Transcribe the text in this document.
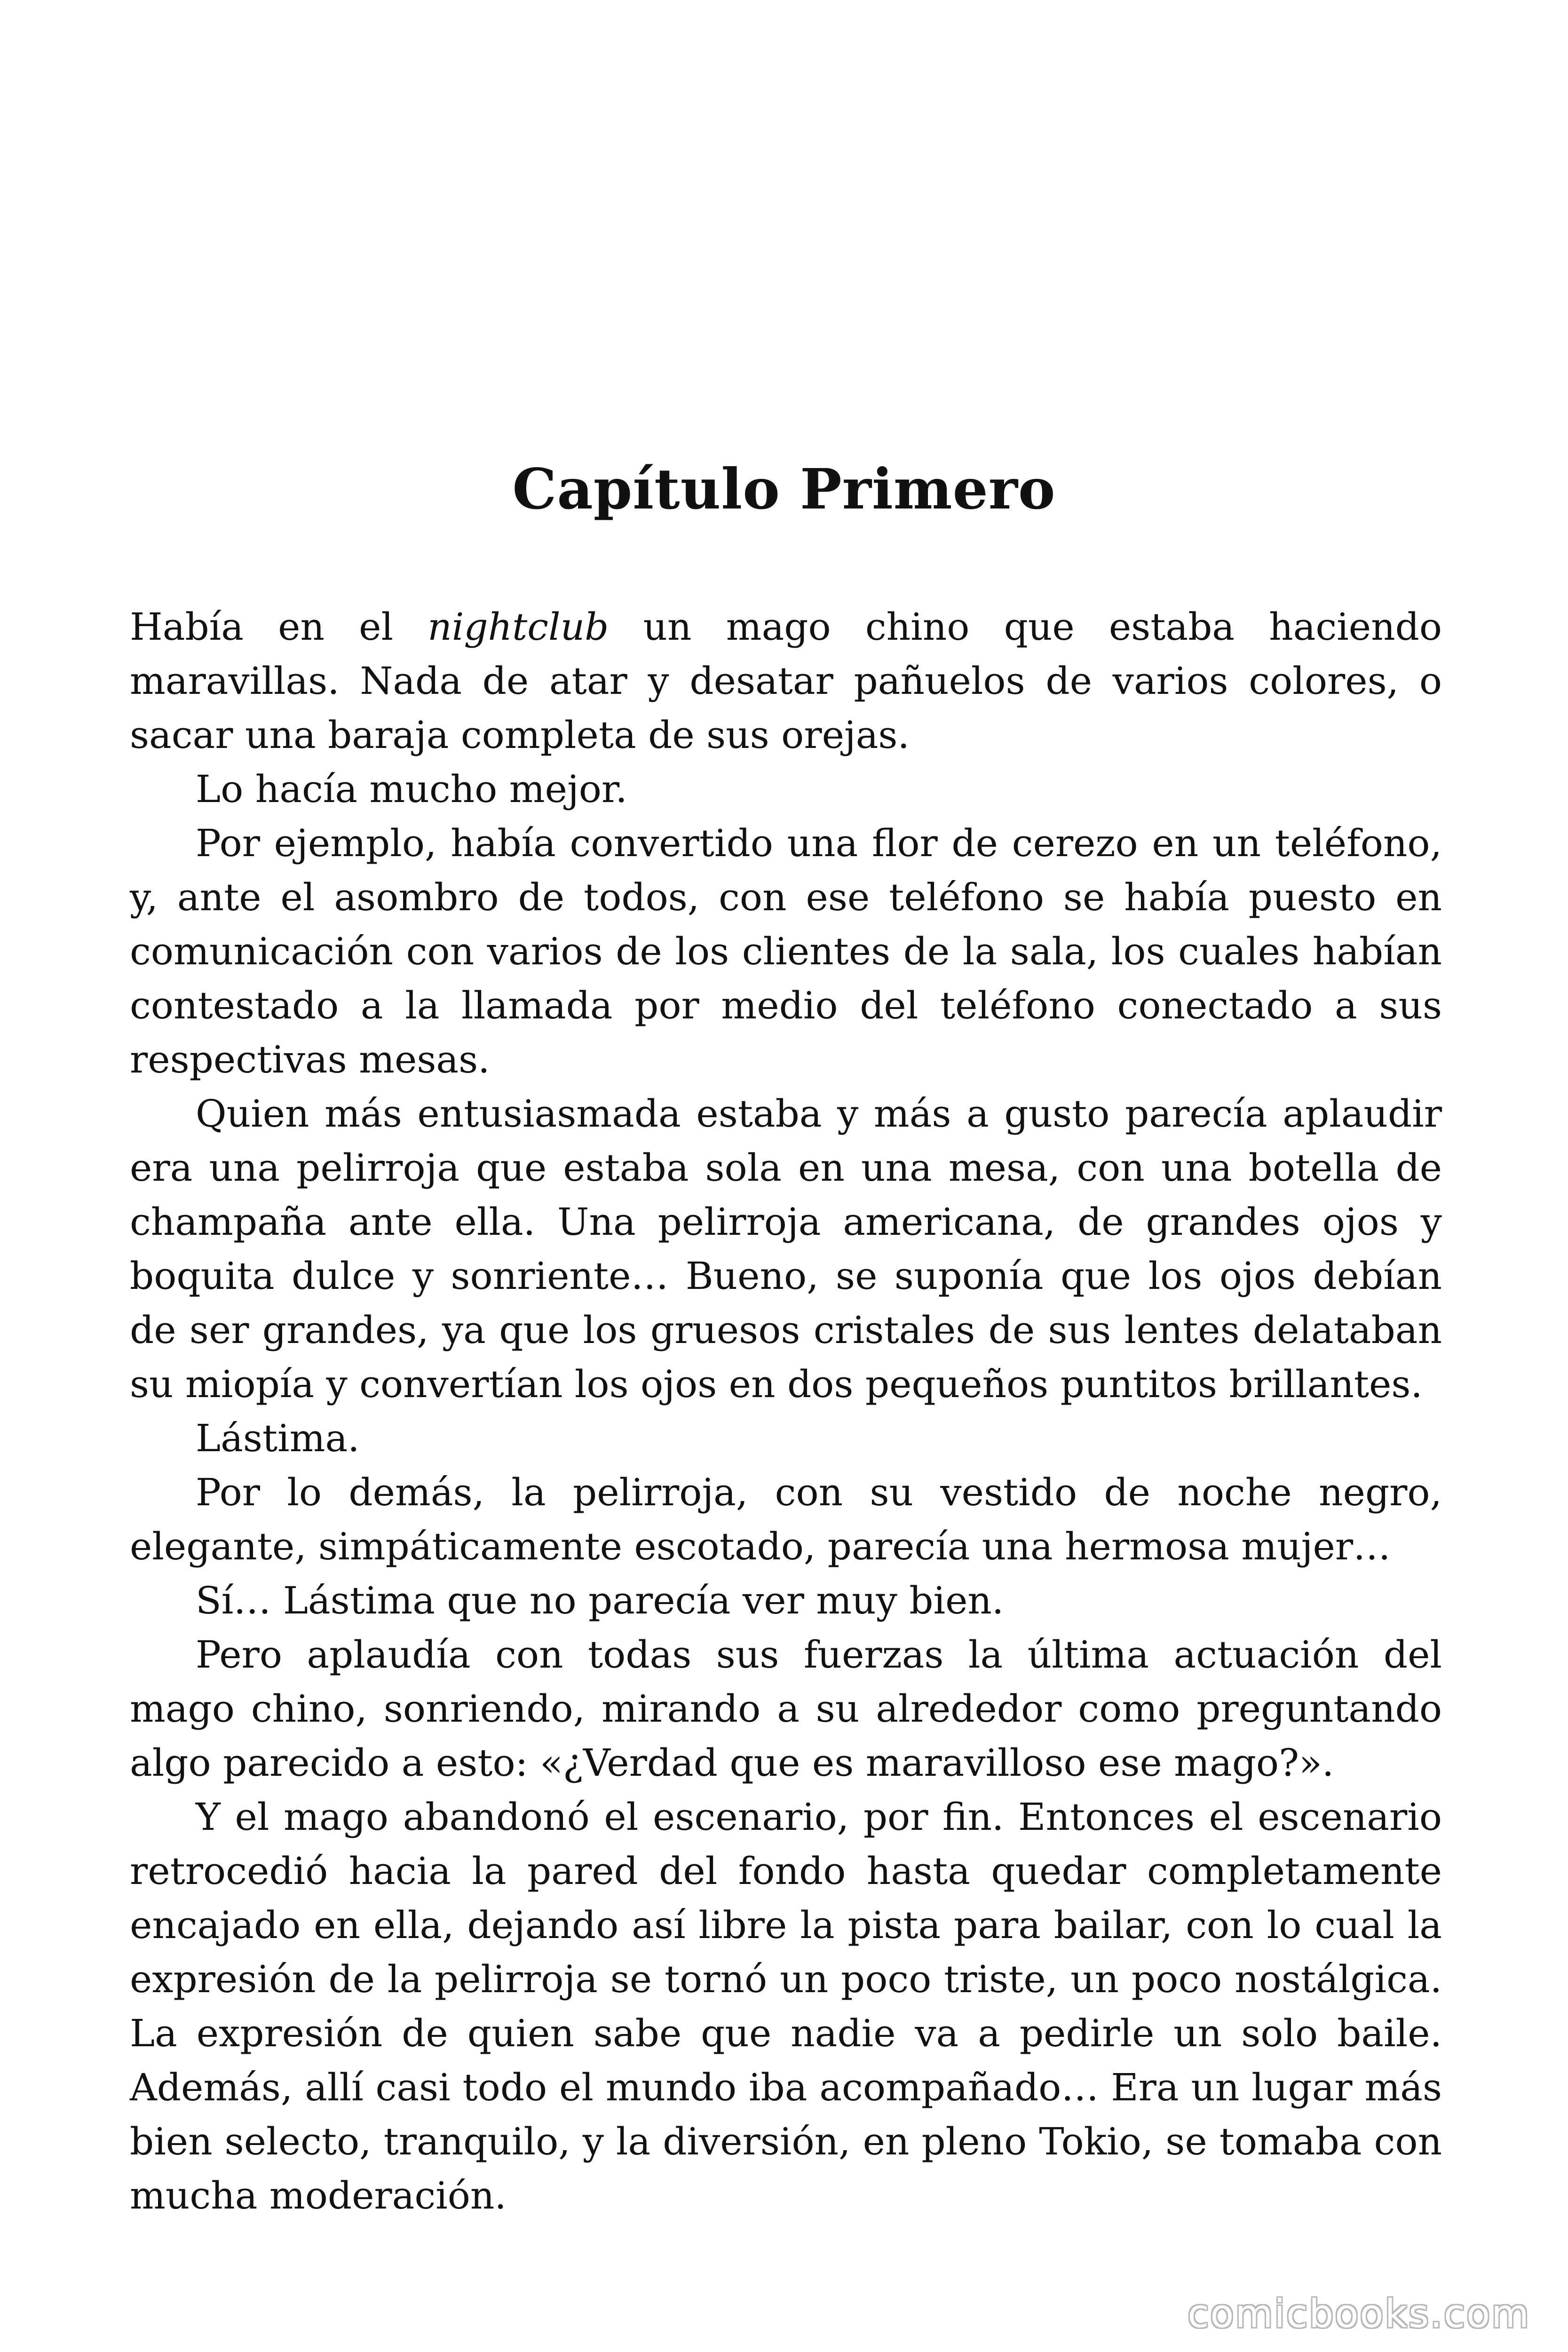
Capítulo Primero

Había en el nightclub un mago chino que estaba haciendo maravillas. Nada de atar y desatar pañuelos de varios colores, o sacar una baraja completa de sus orejas.

Lo hacía mucho mejor.

Por ejemplo, había convertido una flor de cerezo en un teléfono, y, ante el asombro de todos, con ese teléfono se había puesto en comunicación con varios de los clientes de la sala, los cuales habían contestado a la llamada por medio del teléfono conectado a sus respectivas mesas.

Quien más entusiasmada estaba y más a gusto parecía aplaudir era una pelirroja que estaba sola en una mesa, con una botella de champaña ante ella. Una pelirroja americana, de grandes ojos y boquita dulce y sonriente… Bueno, se suponía que los ojos debían de ser grandes, ya que los gruesos cristales de sus lentes delataban su miopía y convertían los ojos en dos pequeños puntitos brillantes.

Lástima.

Por lo demás, la pelirroja, con su vestido de noche negro, elegante, simpáticamente escotado, parecía una hermosa mujer…

Sí… Lástima que no parecía ver muy bien.

Pero aplaudía con todas sus fuerzas la última actuación del mago chino, sonriendo, mirando a su alrededor como preguntando algo parecido a esto: «¿Verdad que es maravilloso ese mago?».

Y el mago abandonó el escenario, por fin. Entonces el escenario retrocedió hacia la pared del fondo hasta quedar completamente encajado en ella, dejando así libre la pista para bailar, con lo cual la expresión de la pelirroja se tornó un poco triste, un poco nostálgica. La expresión de quien sabe que nadie va a pedirle un solo baile. Además, allí casi todo el mundo iba acompañado… Era un lugar más bien selecto, tranquilo, y la diversión, en pleno Tokio, se tomaba con mucha moderación.

comicbooks.com
